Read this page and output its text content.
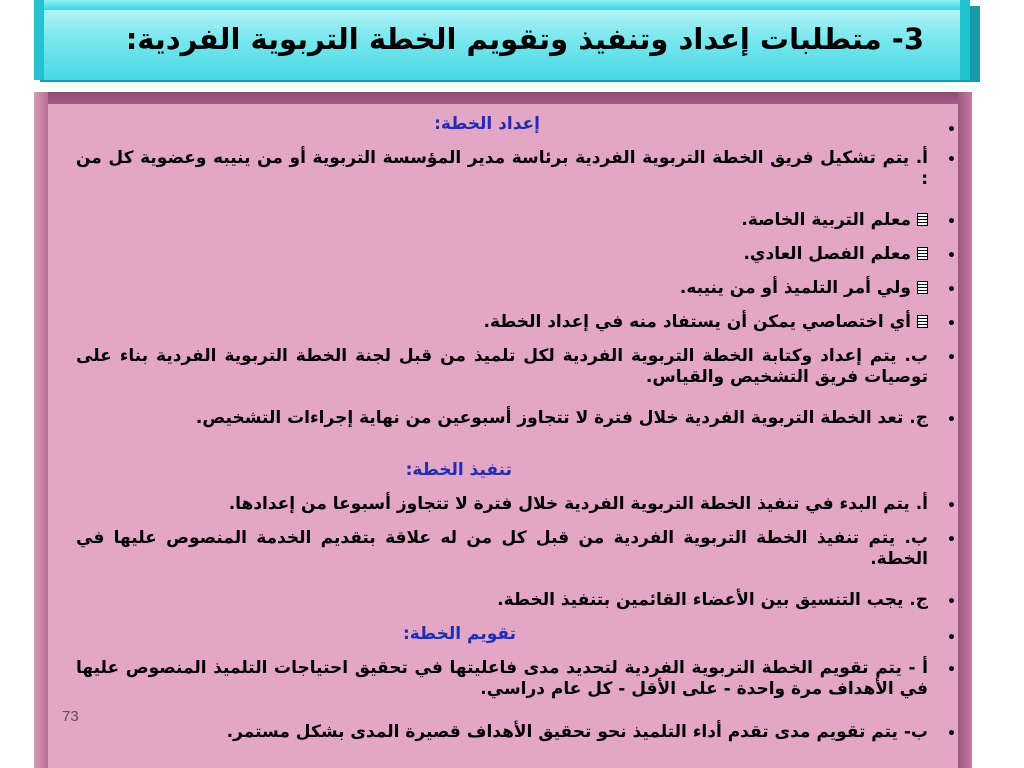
3- متطلبات إعداد وتنفيذ وتقويم الخطة التربوية الفردية:
•
إعداد الخطة:
•
أ. يتم تشكيل فريق الخطة التربوية الفردية برئاسة مدير المؤسسة التربوية أو من ينيبه وعضوية كل من :
•
معلم التربية الخاصة.
•
معلم الفصل العادي.
•
ولي أمر التلميذ أو من ينيبه.
•
أي اختصاصي يمكن أن يستفاد منه في إعداد الخطة.
•
ب. يتم إعداد وكتابة الخطة التربوية الفردية لكل تلميذ من قبل لجنة الخطة التربوية الفردية بناء على توصيات فريق التشخيص والقياس.
•
ج. تعد الخطة التربوية الفردية خلال فترة لا تتجاوز أسبوعين من نهاية إجراءات التشخيص.
تنفيذ الخطة:
•
أ. يتم البدء في تنفيذ الخطة التربوية الفردية خلال فترة لا تتجاوز أسبوعا من إعدادها.
•
ب. يتم تنفيذ الخطة التربوية الفردية من قبل كل من له علاقة بتقديم الخدمة المنصوص عليها في الخطة.
•
ج. يجب التنسيق بين الأعضاء القائمين بتنفيذ الخطة.
•
تقويم الخطة:
•
أ - يتم تقويم الخطة التربوية الفردية لتحديد مدى فاعليتها في تحقيق احتياجات التلميذ المنصوص عليها في الأهداف مرة واحدة - على الأقل - كل عام دراسي.
•
ب- يتم تقويم مدى تقدم أداء التلميذ نحو تحقيق الأهداف قصيرة المدى بشكل مستمر.
73
